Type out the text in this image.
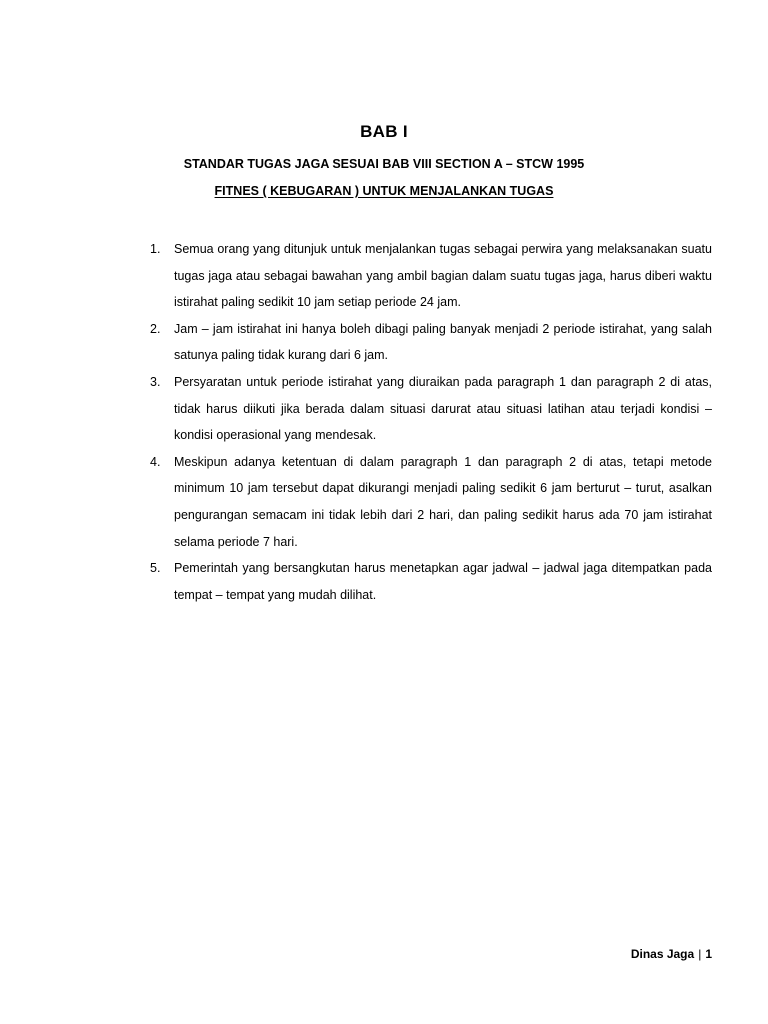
BAB I
STANDAR TUGAS JAGA SESUAI BAB VIII SECTION A – STCW 1995
FITNES ( KEBUGARAN ) UNTUK MENJALANKAN TUGAS
1.	Semua orang yang ditunjuk untuk menjalankan tugas sebagai perwira yang melaksanakan suatu tugas jaga atau sebagai bawahan yang ambil bagian dalam suatu tugas jaga, harus diberi waktu istirahat paling sedikit 10 jam setiap periode 24 jam.
2.	Jam – jam istirahat ini hanya boleh dibagi paling banyak menjadi 2 periode istirahat, yang salah satunya paling tidak kurang dari 6 jam.
3.	Persyaratan untuk periode istirahat yang diuraikan pada paragraph 1 dan paragraph 2 di atas, tidak harus diikuti jika berada dalam situasi darurat atau situasi latihan atau terjadi kondisi – kondisi operasional yang mendesak.
4.	Meskipun adanya ketentuan di dalam paragraph 1 dan paragraph 2 di atas, tetapi metode minimum 10 jam tersebut dapat dikurangi menjadi paling sedikit 6 jam berturut – turut, asalkan pengurangan semacam ini tidak lebih dari 2 hari, dan paling sedikit harus ada 70 jam istirahat selama periode 7 hari.
5.	Pemerintah yang bersangkutan harus menetapkan agar jadwal – jadwal jaga ditempatkan pada tempat – tempat yang mudah dilihat.
Dinas Jaga | 1
